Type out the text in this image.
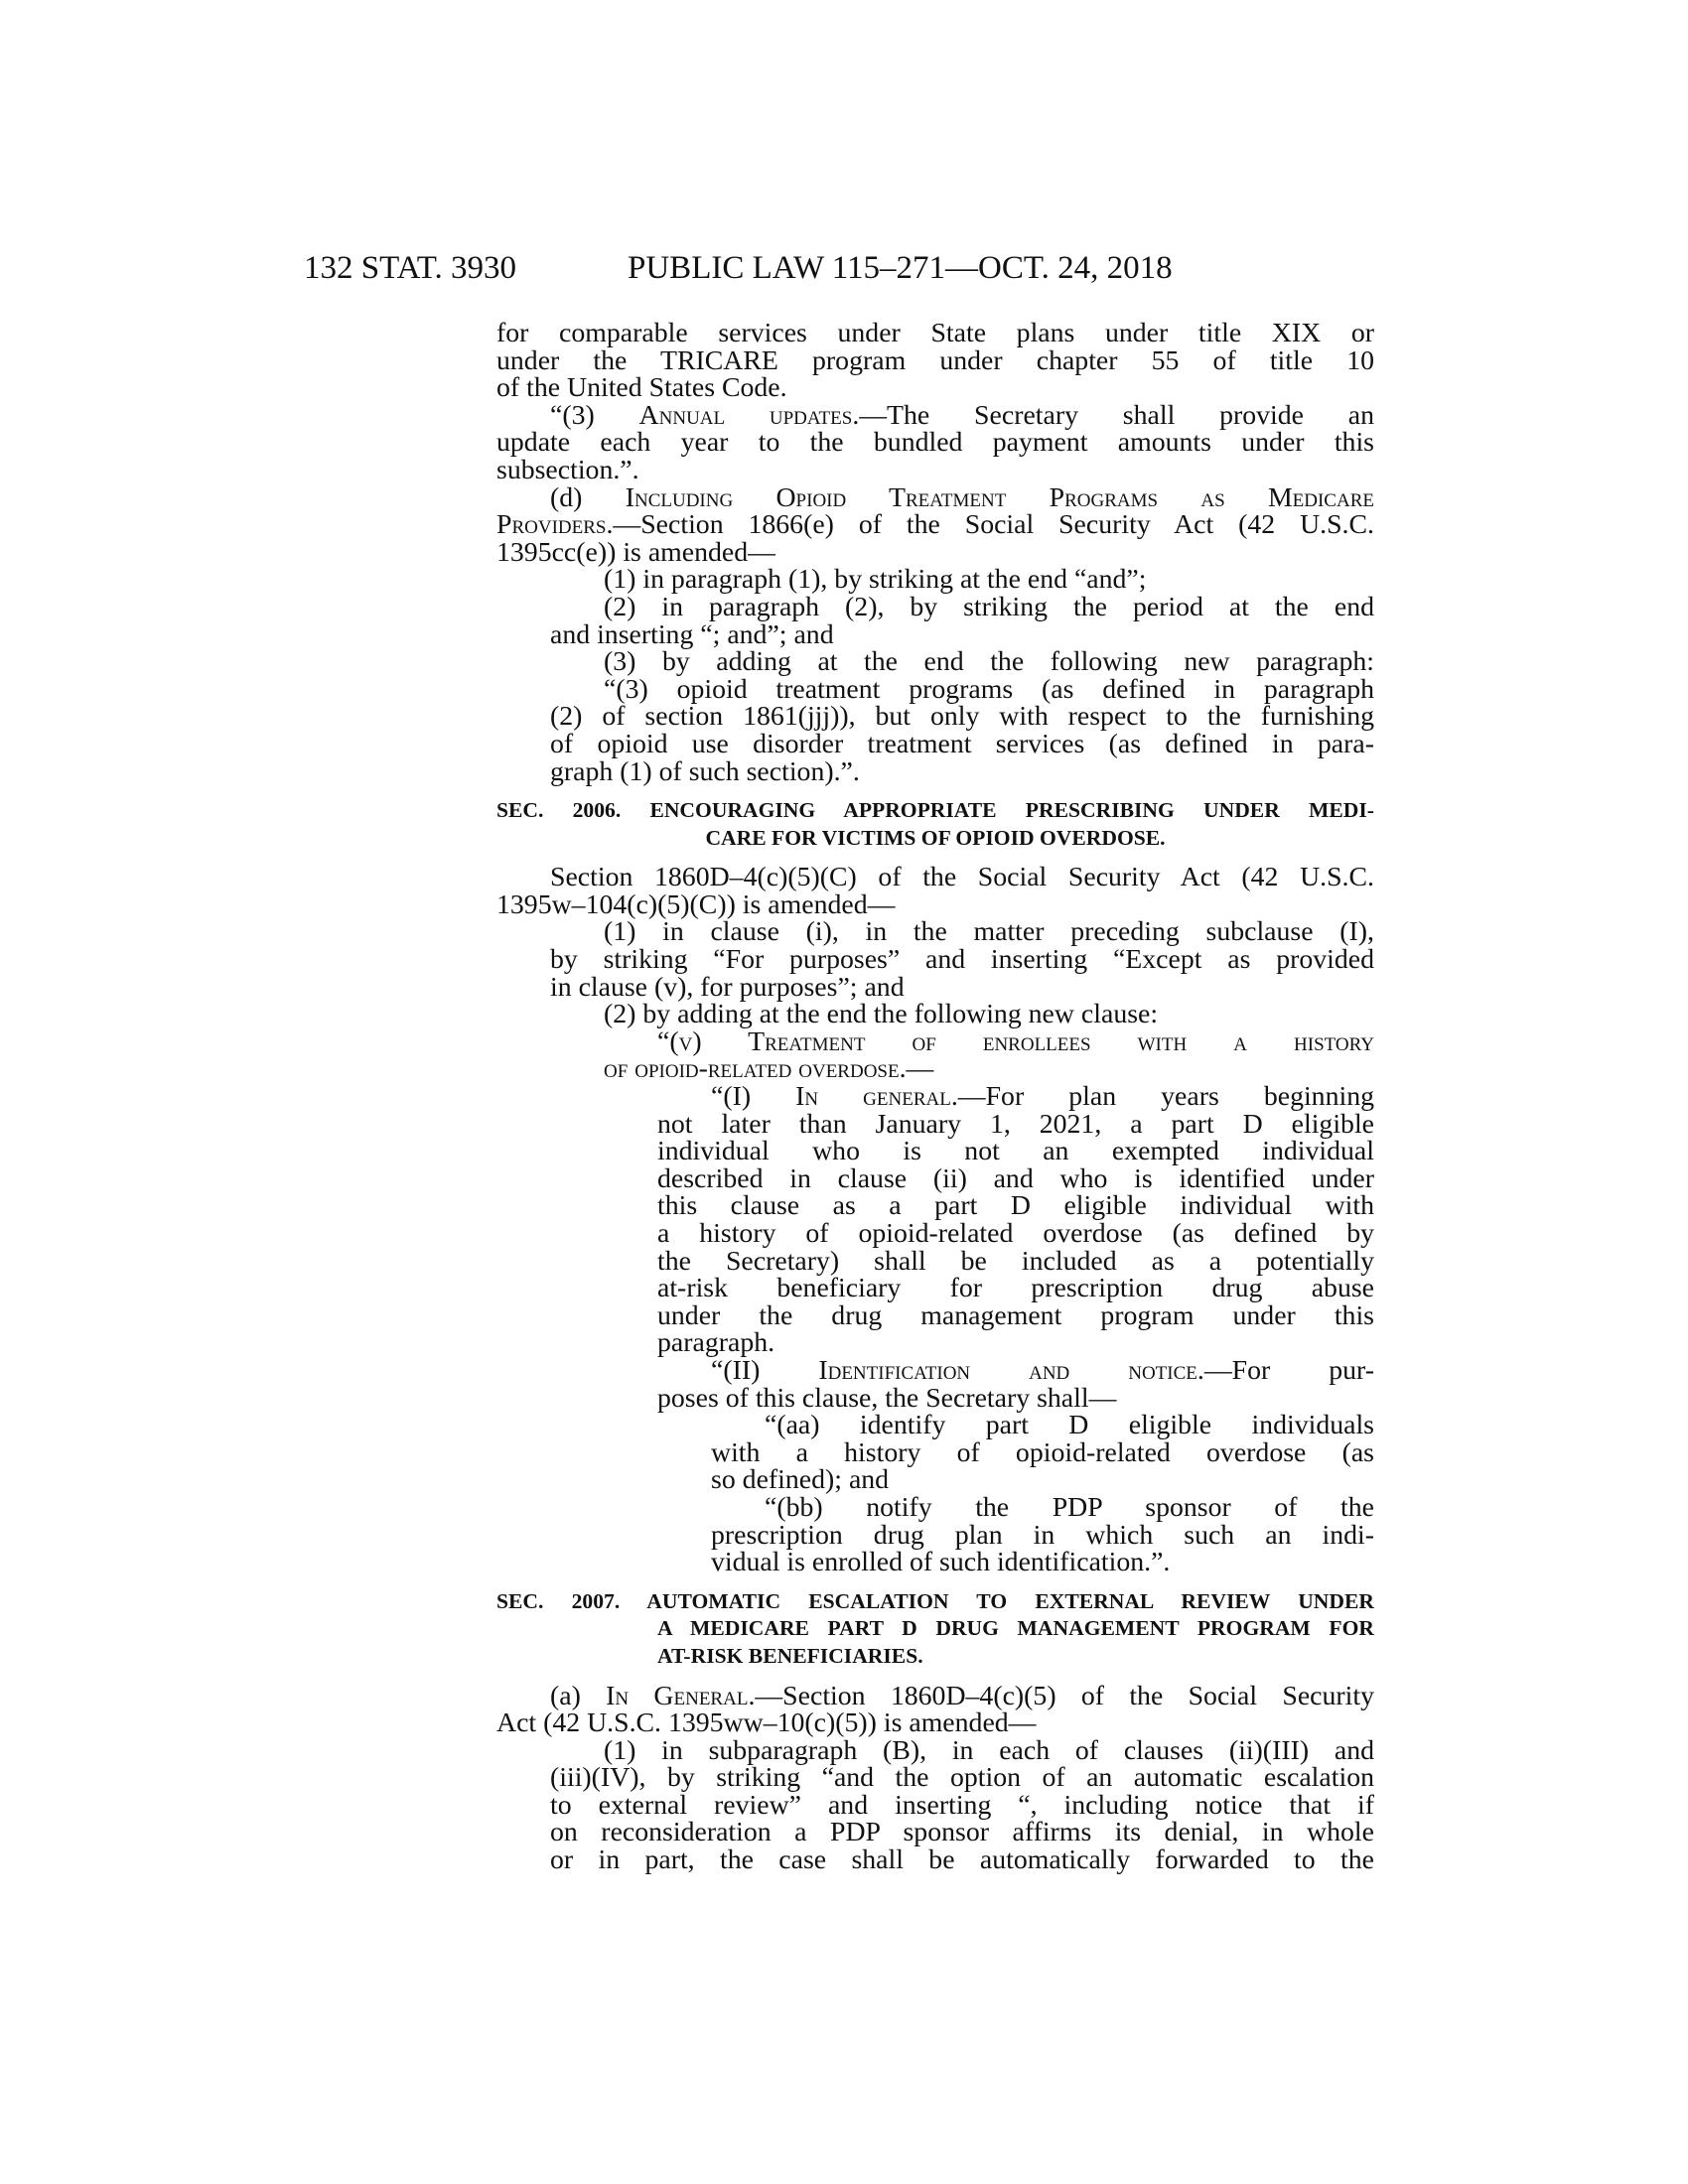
132 STAT. 3930	PUBLIC LAW 115–271—OCT. 24, 2018
for comparable services under State plans under title XIX or
under the TRICARE program under chapter 55 of title 10
of the United States Code.
“(3) Annual updates.—The Secretary shall provide an
update each year to the bundled payment amounts under this
subsection.”.
(d) Including Opioid Treatment Programs as Medicare
Providers.—Section 1866(e) of the Social Security Act (42 U.S.C.
1395cc(e)) is amended—
(1) in paragraph (1), by striking at the end “and”;
(2) in paragraph (2), by striking the period at the end
and inserting “; and”; and
(3) by adding at the end the following new paragraph:
“(3) opioid treatment programs (as defined in paragraph
(2) of section 1861(jjj)), but only with respect to the furnishing
of opioid use disorder treatment services (as defined in para-
graph (1) of such section).”.
SEC. 2006. ENCOURAGING APPROPRIATE PRESCRIBING UNDER MEDI-
CARE FOR VICTIMS OF OPIOID OVERDOSE.
Section 1860D–4(c)(5)(C) of the Social Security Act (42 U.S.C.
1395w–104(c)(5)(C)) is amended—
(1) in clause (i), in the matter preceding subclause (I),
by striking “For purposes” and inserting “Except as provided
in clause (v), for purposes”; and
(2) by adding at the end the following new clause:
“(v) Treatment of enrollees with a history
of opioid-related overdose.—
“(I) In general.—For plan years beginning
not later than January 1, 2021, a part D eligible
individual who is not an exempted individual
described in clause (ii) and who is identified under
this clause as a part D eligible individual with
a history of opioid-related overdose (as defined by
the Secretary) shall be included as a potentially
at-risk beneficiary for prescription drug abuse
under the drug management program under this
paragraph.
“(II) Identification and notice.—For pur-
poses of this clause, the Secretary shall—
“(aa) identify part D eligible individuals
with a history of opioid-related overdose (as
so defined); and
“(bb) notify the PDP sponsor of the
prescription drug plan in which such an indi-
vidual is enrolled of such identification.”.
SEC. 2007. AUTOMATIC ESCALATION TO EXTERNAL REVIEW UNDER
A MEDICARE PART D DRUG MANAGEMENT PROGRAM FOR
AT-RISK BENEFICIARIES.
(a) In General.—Section 1860D–4(c)(5) of the Social Security
Act (42 U.S.C. 1395ww–10(c)(5)) is amended—
(1) in subparagraph (B), in each of clauses (ii)(III) and
(iii)(IV), by striking “and the option of an automatic escalation
to external review” and inserting “, including notice that if
on reconsideration a PDP sponsor affirms its denial, in whole
or in part, the case shall be automatically forwarded to the
